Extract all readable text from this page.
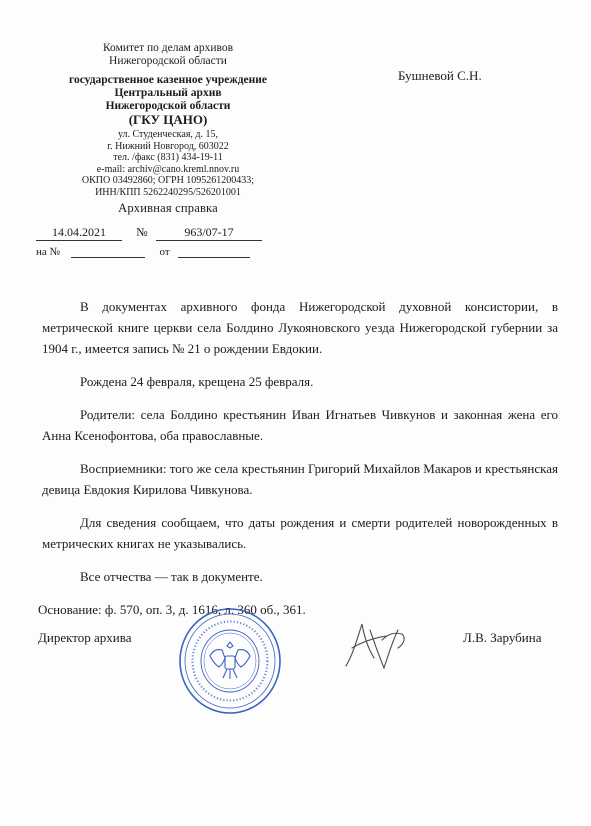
Комитет по делам архивов
Нижегородской области
государственное казенное учреждение
Центральный архив
Нижегородской области
(ГКУ ЦАНО)
ул. Студенческая, д. 15,
г. Нижний Новгород, 603022
тел. /факс (831) 434-19-11
e-mail: archiv@cano.kreml.nnov.ru
ОКПО 03492860; ОГРН 1095261200433;
ИНН/КПП 5262240295/526201001
Архивная справка
14.04.2021	№	963/07-17
на №	от
Бушневой С.Н.

В документах архивного фонда Нижегородской духовной консистории, в метрической книге церкви села Болдино Лукояновского уезда Нижегородской губернии за 1904 г., имеется запись № 21 о рождении Евдокии.

Рождена 24 февраля, крещена 25 февраля.

Родители: села Болдино крестьянин Иван Игнатьев Чивкунов и законная жена его Анна Ксенофонтова, оба православные.

Восприемники: того же села крестьянин Григорий Михайлов Макаров и крестьянская девица Евдокия Кирилова Чивкунова.

Для сведения сообщаем, что даты рождения и смерти родителей новорожденных в метрических книгах не указывались.

Все отчества — так в документе.

Основание: ф. 570, оп. 3, д. 1616, л. 360 об., 361.

Директор архива	Л.В. Зарубина
